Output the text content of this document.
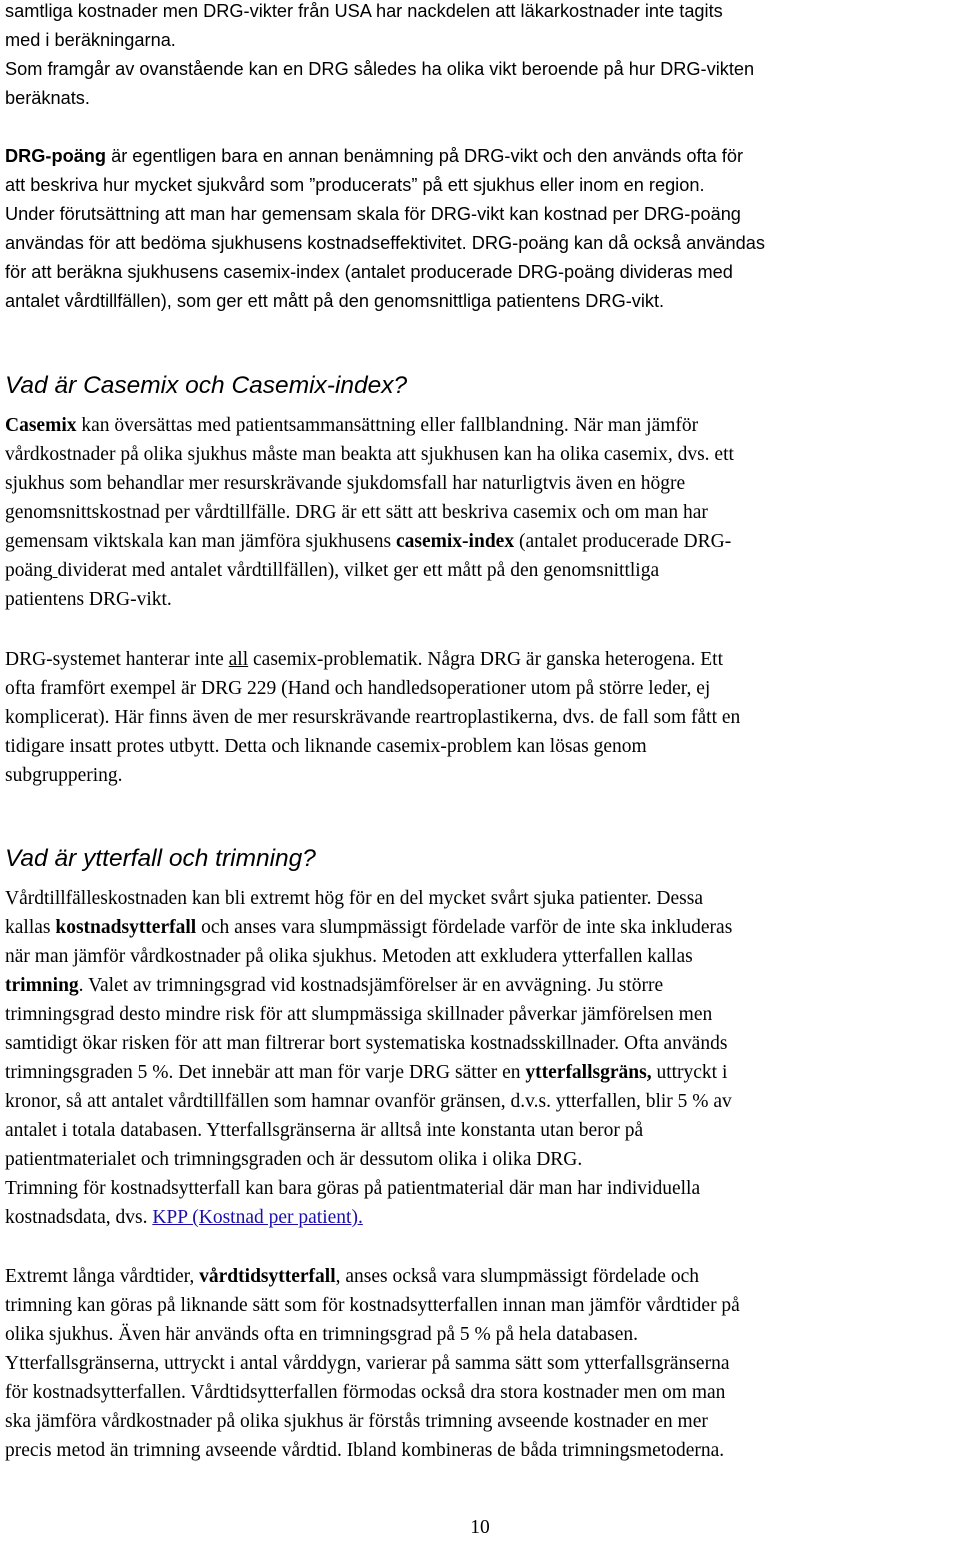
samtliga kostnader men DRG-vikter från USA har nackdelen att läkarkostnader inte tagits
med i beräkningarna.
Som framgår av ovanstående kan en DRG således ha olika vikt beroende på hur DRG-vikten
beräknats.
DRG-poäng är egentligen bara en annan benämning på DRG-vikt och den används ofta för
att beskriva hur mycket sjukvård som ”producerats” på ett sjukhus eller inom en region.
Under förutsättning att man har gemensam skala för DRG-vikt kan kostnad per DRG-poäng
användas för att bedöma sjukhusens kostnadseffektivitet. DRG-poäng kan då också användas
för att beräkna sjukhusens casemix-index (antalet producerade DRG-poäng divideras med
antalet vårdtillfällen), som ger ett mått på den genomsnittliga patientens DRG-vikt.
Vad är Casemix och Casemix-index?
Casemix kan översättas med patientsammansättning eller fallblandning. När man jämför
vårdkostnader på olika sjukhus måste man beakta att sjukhusen kan ha olika casemix, dvs. ett
sjukhus som behandlar mer resurskrävande sjukdomsfall har naturligtvis även en högre
genomsnittskostnad per vårdtillfälle. DRG är ett sätt att beskriva casemix och om man har
gemensam viktskala kan man jämföra sjukhusens casemix-index (antalet producerade DRG-
poäng dividerat med antalet vårdtillfällen), vilket ger ett mått på den genomsnittliga
patientens DRG-vikt.
DRG-systemet hanterar inte all casemix-problematik. Några DRG är ganska heterogena. Ett
ofta framfört exempel är DRG 229 (Hand och handledsoperationer utom på större leder, ej
komplicerat). Här finns även de mer resurskrävande reartroplastikerna, dvs. de fall som fått en
tidigare insatt protes utbytt. Detta och liknande casemix-problem kan lösas genom
subgruppering.
Vad är ytterfall och trimning?
Vårdtillfälleskostnaden kan bli extremt hög för en del mycket svårt sjuka patienter. Dessa
kallas kostnadsytterfall och anses vara slumpmässigt fördelade varför de inte ska inkluderas
när man jämför vårdkostnader på olika sjukhus. Metoden att exkludera ytterfallen kallas
trimning. Valet av trimningsgrad vid kostnadsjämförelser är en avvägning. Ju större
trimningsgrad desto mindre risk för att slumpmässiga skillnader påverkar jämförelsen men
samtidigt ökar risken för att man filtrerar bort systematiska kostnadsskillnader. Ofta används
trimningsgraden 5 %. Det innebär att man för varje DRG sätter en ytterfallsgräns, uttryckt i
kronor, så att antalet vårdtillfällen som hamnar ovanför gränsen, d.v.s. ytterfallen, blir 5 % av
antalet i totala databasen. Ytterfallsgränserna är alltså inte konstanta utan beror på
patientmaterialet och trimningsgraden och är dessutom olika i olika DRG.
Trimning för kostnadsytterfall kan bara göras på patientmaterial där man har individuella
kostnadsdata, dvs. KPP (Kostnad per patient).
Extremt långa vårdtider, vårdtidsytterfall, anses också vara slumpmässigt fördelade och
trimning kan göras på liknande sätt som för kostnadsytterfallen innan man jämför vårdtider på
olika sjukhus. Även här används ofta en trimningsgrad på 5 % på hela databasen.
Ytterfallsgränserna, uttryckt i antal vårddygn, varierar på samma sätt som ytterfallsgränserna
för kostnadsytterfallen. Vårdtidsytterfallen förmodas också dra stora kostnader men om man
ska jämföra vårdkostnader på olika sjukhus är förstås trimning avseende kostnader en mer
precis metod än trimning avseende vårdtid. Ibland kombineras de båda trimningsmetoderna.
10
